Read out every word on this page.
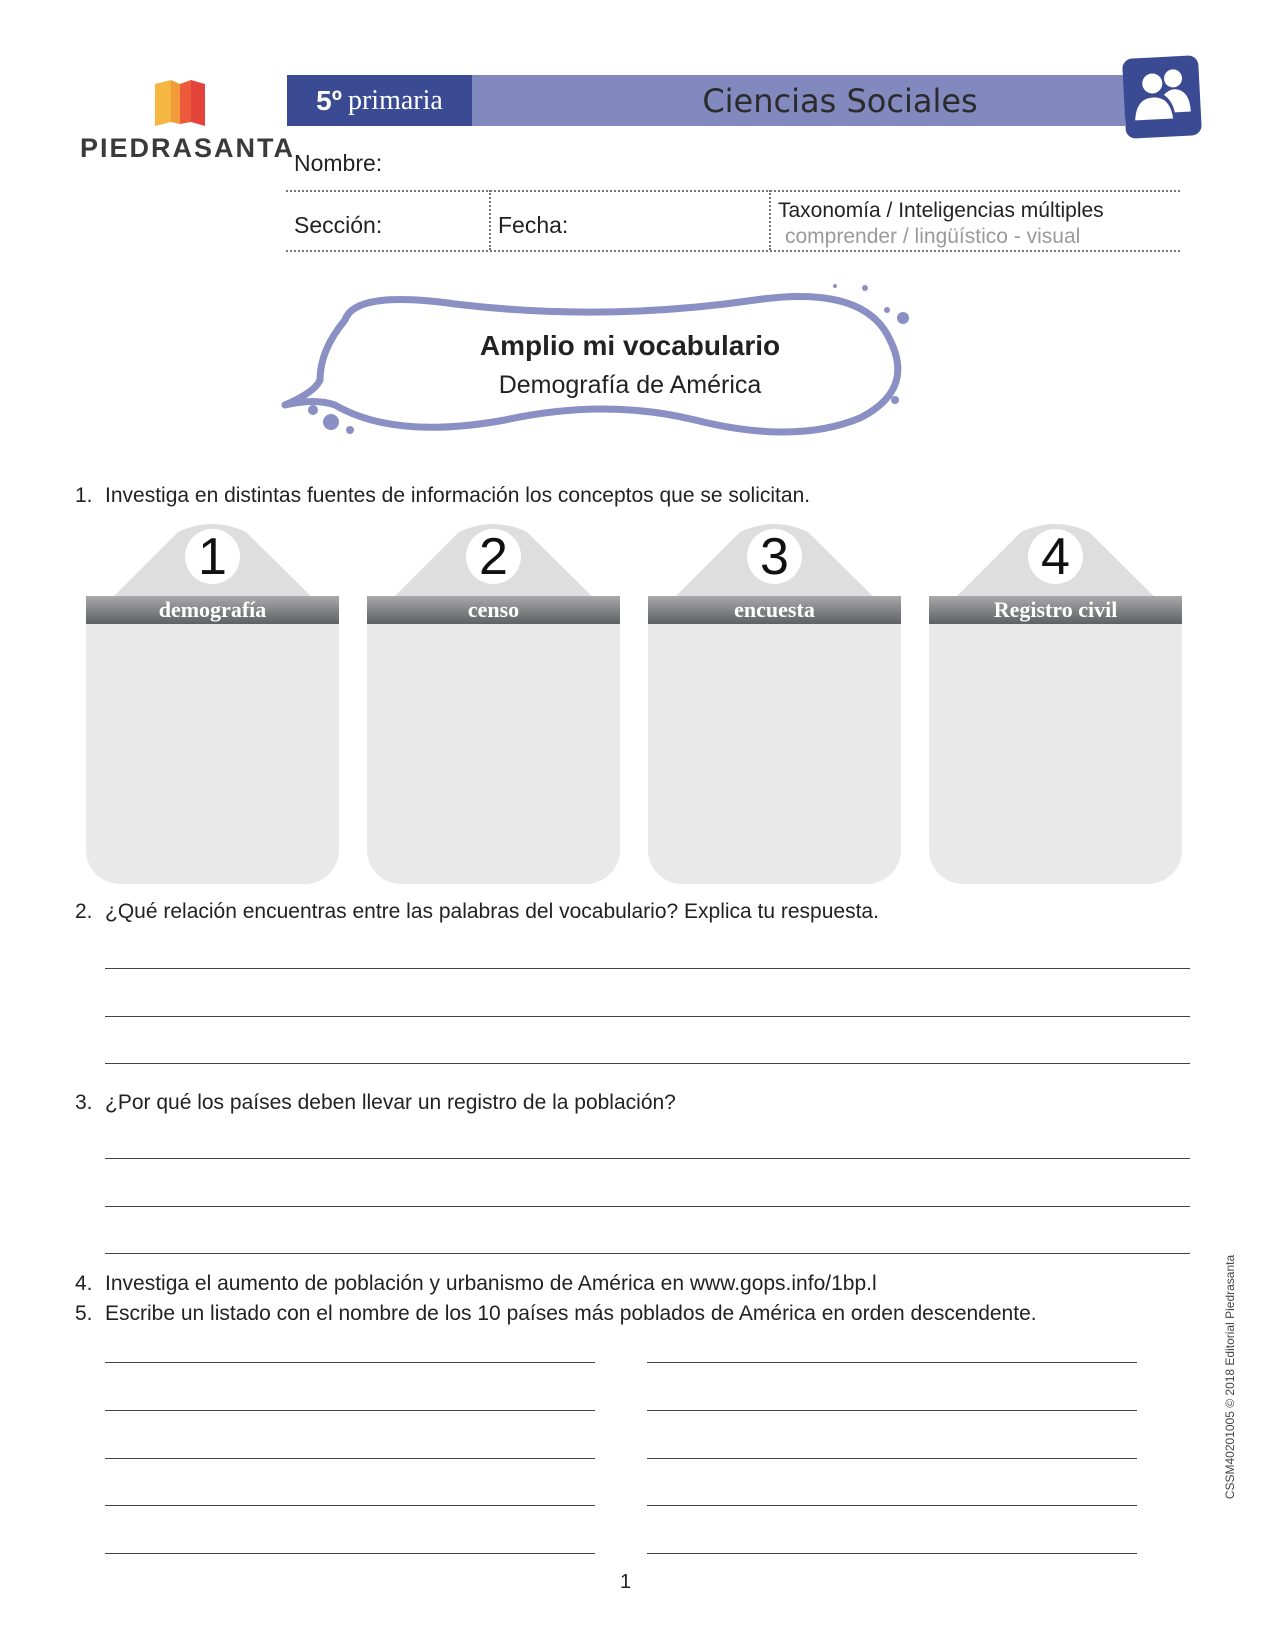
PIEDRASANTA
5º primaria	Ciencias Sociales
Nombre:
Sección:	Fecha:
Taxonomía / Inteligencias múltiples
comprender / lingüístico - visual
Amplio mi vocabulario
Demografía de América
1. Investiga en distintas fuentes de información los conceptos que se solicitan.
demografía
1
censo
2
encuesta
3
Registro civil
4
2. ¿Qué relación encuentras entre las palabras del vocabulario? Explica tu respuesta.
3. ¿Por qué los países deben llevar un registro de la población?
4. Investiga el aumento de población y urbanismo de América en www.gops.info/1bp.l
5. Escribe un listado con el nombre de los 10 países más poblados de América en orden descendente.	CSSM40201005 © 2018 Editorial Piedrasanta
1
